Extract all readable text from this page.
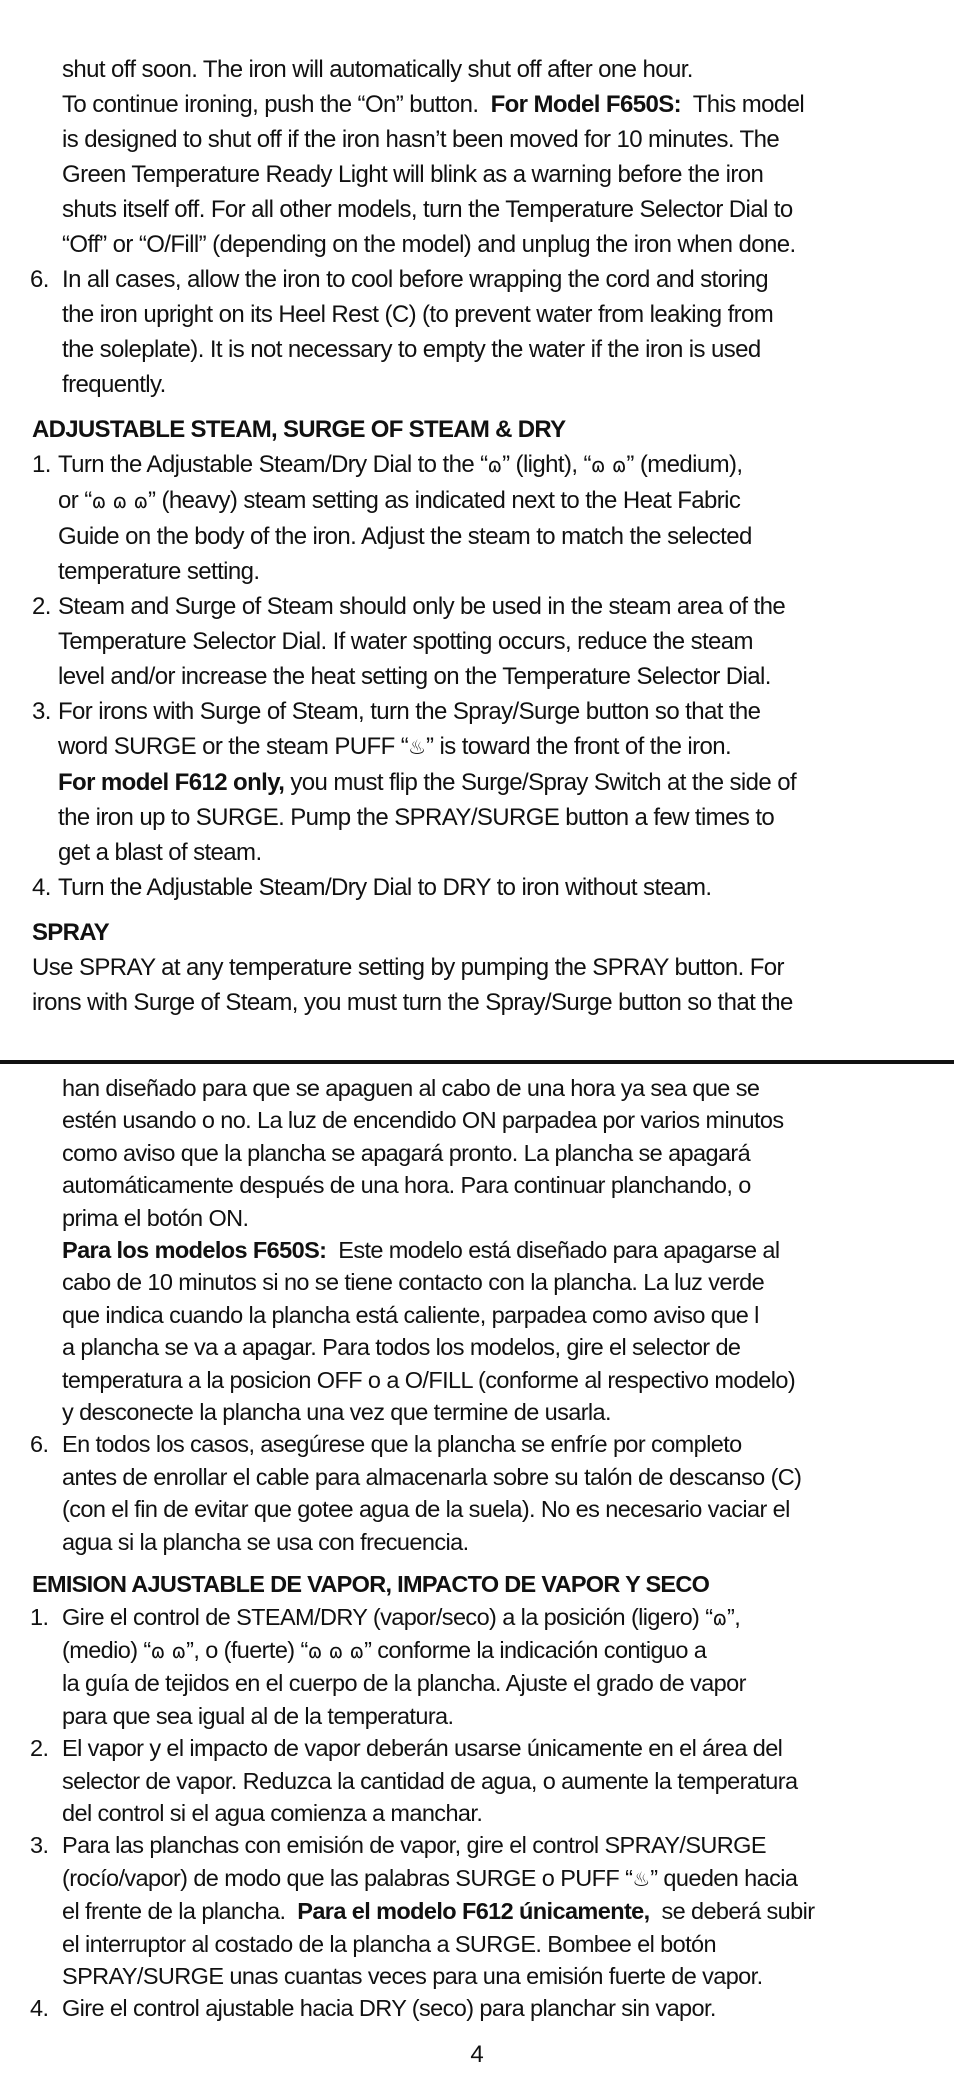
shut off soon. The iron will automatically shut off after one hour.

To continue ironing, push the “On” button. For Model F650S: This model

is designed to shut off if the iron hasn’t been moved for 10 minutes. The

Green Temperature Ready Light will blink as a warning before the iron

shuts itself off. For all other models, turn the Temperature Selector Dial to

“Off” or “O/Fill” (depending on the model) and unplug the iron when done.

6. In all cases, allow the iron to cool before wrapping the cord and storing

the iron upright on its Heel Rest (C) (to prevent water from leaking from

the soleplate). It is not necessary to empty the water if the iron is used

frequently.

ADJUSTABLE STEAM, SURGE OF STEAM & DRY

1. Turn the Adjustable Steam/Dry Dial to the “ɷ” (light), “ɷ ɷ” (medium),

or “ɷ ɷ ɷ” (heavy) steam setting as indicated next to the Heat Fabric

Guide on the body of the iron. Adjust the steam to match the selected

temperature setting.

2. Steam and Surge of Steam should only be used in the steam area of the

Temperature Selector Dial. If water spotting occurs, reduce the steam

level and/or increase the heat setting on the Temperature Selector Dial.

3. For irons with Surge of Steam, turn the Spray/Surge button so that the

word SURGE or the steam PUFF “♨” is toward the front of the iron.

For model F612 only, you must flip the Surge/Spray Switch at the side of

the iron up to SURGE. Pump the SPRAY/SURGE button a few times to

get a blast of steam.

4. Turn the Adjustable Steam/Dry Dial to DRY to iron without steam.

SPRAY

Use SPRAY at any temperature setting by pumping the SPRAY button. For

irons with Surge of Steam, you must turn the Spray/Surge button so that the

han diseñado para que se apaguen al cabo de una hora ya sea que se

estén usando o no. La luz de encendido ON parpadea por varios minutos

como aviso que la plancha se apagará pronto. La plancha se apagará

automáticamente después de una hora. Para continuar planchando, o

prima el botón ON.

Para los modelos F650S: Este modelo está diseñado para apagarse al

cabo de 10 minutos si no se tiene contacto con la plancha. La luz verde

que indica cuando la plancha está caliente, parpadea como aviso que l

a plancha se va a apagar. Para todos los modelos, gire el selector de

temperatura a la posicion OFF o a O/FILL (conforme al respectivo modelo)

y desconecte la plancha una vez que termine de usarla.

6. En todos los casos, asegúrese que la plancha se enfríe por completo

antes de enrollar el cable para almacenarla sobre su talón de descanso (C)

(con el fin de evitar que gotee agua de la suela). No es necesario vaciar el

agua si la plancha se usa con frecuencia.

EMISION AJUSTABLE DE VAPOR, IMPACTO DE VAPOR Y SECO

1. Gire el control de STEAM/DRY (vapor/seco) a la posición (ligero) “ɷ”,

(medio) “ɷ ɷ”, o (fuerte) “ɷ ɷ ɷ” conforme la indicación contiguo a

la guía de tejidos en el cuerpo de la plancha. Ajuste el grado de vapor

para que sea igual al de la temperatura.

2. El vapor y el impacto de vapor deberán usarse únicamente en el área del

selector de vapor. Reduzca la cantidad de agua, o aumente la temperatura

del control si el agua comienza a manchar.

3. Para las planchas con emisión de vapor, gire el control SPRAY/SURGE

(rocío/vapor) de modo que las palabras SURGE o PUFF “♨” queden hacia

el frente de la plancha. Para el modelo F612 únicamente, se deberá subir

el interruptor al costado de la plancha a SURGE. Bombee el botón

SPRAY/SURGE unas cuantas veces para una emisión fuerte de vapor.

4. Gire el control ajustable hacia DRY (seco) para planchar sin vapor.

4
